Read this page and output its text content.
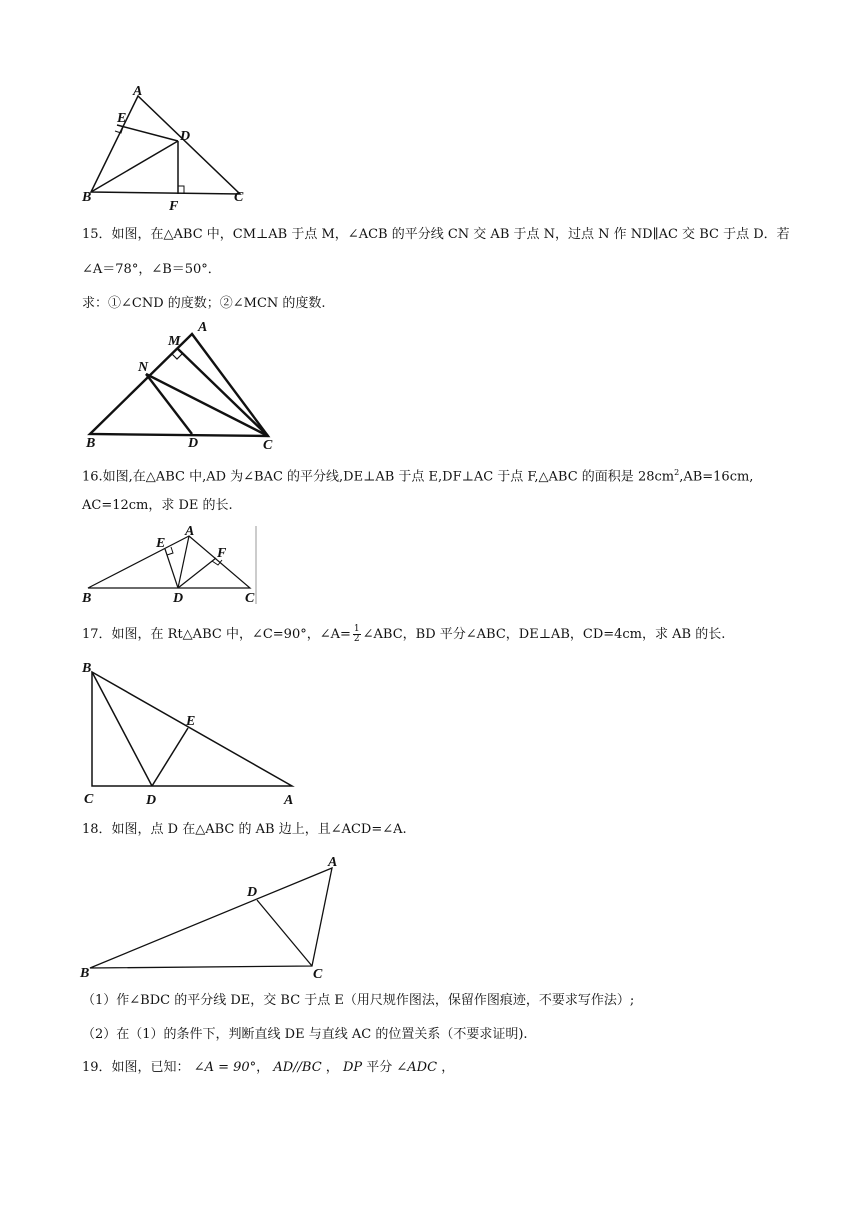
A
E
D
B
F
C
15．如图，在△ABC 中，CM⊥AB 于点 M，∠ACB 的平分线 CN 交 AB 于点 N，过点 N 作 ND∥AC 交 BC 于点 D．若
∠A＝78°，∠B＝50°．
求：①∠CND 的度数；②∠MCN 的度数.
M
A
N
B	D	C
16.如图,在△ABC 中,AD 为∠BAC 的平分线,DE⊥AB 于点 E,DF⊥AC 于点 F,△ABC 的面积是 $28cm^2,AB=16cm$,
AC=12cm，求 DE 的长.
A
E
F
B	D	C
17．如图，在 Rt△ABC 中，∠C=90°，∠A= $\frac{1}{2}$ ∠ABC，BD 平分∠ABC，DE⊥AB，CD=4cm，求 AB 的长.
B
E
C	D	A
18．如图，点 D 在△ABC 的 AB 边上，且∠ACD=∠A.
A
D
B	C
（1）作∠BDC 的平分线 DE，交 BC 于点 E（用尺规作图法，保留作图痕迹，不要求写作法）;
（2）在（1）的条件下，判断直线 DE 与直线 AC 的位置关系（不要求证明).
19．如图，已知： ∠A = 90°， AD//BC ， DP 平分 ∠ADC ，
